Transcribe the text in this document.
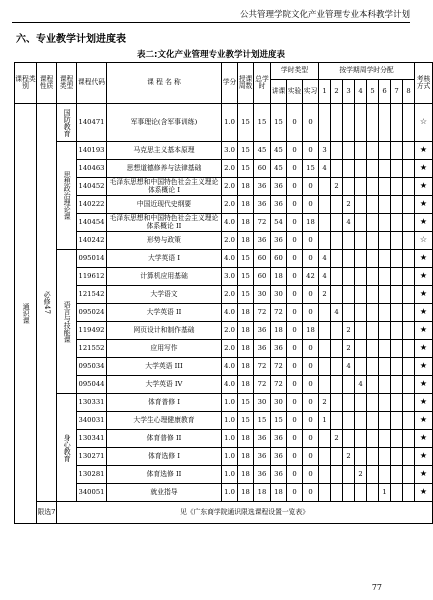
公共管理学院文化产业管理专业本科教学计划
六、专业教学计划进度表
表二:文化产业管理专业教学计划进度表
课程类别	课程性质	课程类型	课程代码	课 程 名 称	学分	授课周数	总学时	学时类型			按学期周学时分配								考核方式
								讲课	实验	实习	1	2	3	4	5	6	7	8	
通识课	必修47	国防教育	140471	军事理论(含军事训练)	1.0	15	15	15	0	0									☆
		思想政治理论课	140193	马克思主义基本原理	3.0	15	45	45	0	0	3								★
			140463	思想道德修养与法律基础	2.0	15	60	45	0	15	4								★
			140452	毛泽东思想和中国特色社会主义理论体系概论 I	2.0	18	36	36	0	0		2							★
			140222	中国近现代史纲要	2.0	18	36	36	0	0			2						★
			140454	毛泽东思想和中国特色社会主义理论体系概论 II	4.0	18	72	54	0	18			4						★
			140242	形势与政策	2.0	18	36	36	0	0									☆
		语言与技能课	095014	大学英语 I	4.0	15	60	60	0	0	4								★
			119612	计算机应用基础	3.0	15	60	18	0	42	4								★
			121542	大学语文	2.0	15	30	30	0	0	2								★
			095024	大学英语 II	4.0	18	72	72	0	0		4							★
			119492	网页设计和制作基础	2.0	18	36	18	0	18			2						★
			121552	应用写作	2.0	18	36	36	0	0			2						★
			095034	大学英语 III	4.0	18	72	72	0	0			4						★
			095044	大学英语 IV	4.0	18	72	72	0	0				4					★
		身心教育	130331	体育普修 I	1.0	15	30	30	0	0	2								★
			340031	大学生心理健康教育	1.0	15	15	15	0	0	1								★
			130341	体育普修 II	1.0	18	36	36	0	0		2							★
			130271	体育选修 I	1.0	18	36	36	0	0			2						★
			130281	体育选修 II	1.0	18	36	36	0	0				2					★
			340051	就业指导	1.0	18	18	18	0	0						1			★
	限选7	见《广东商学院通识限选课程设置一览表》																	
77
